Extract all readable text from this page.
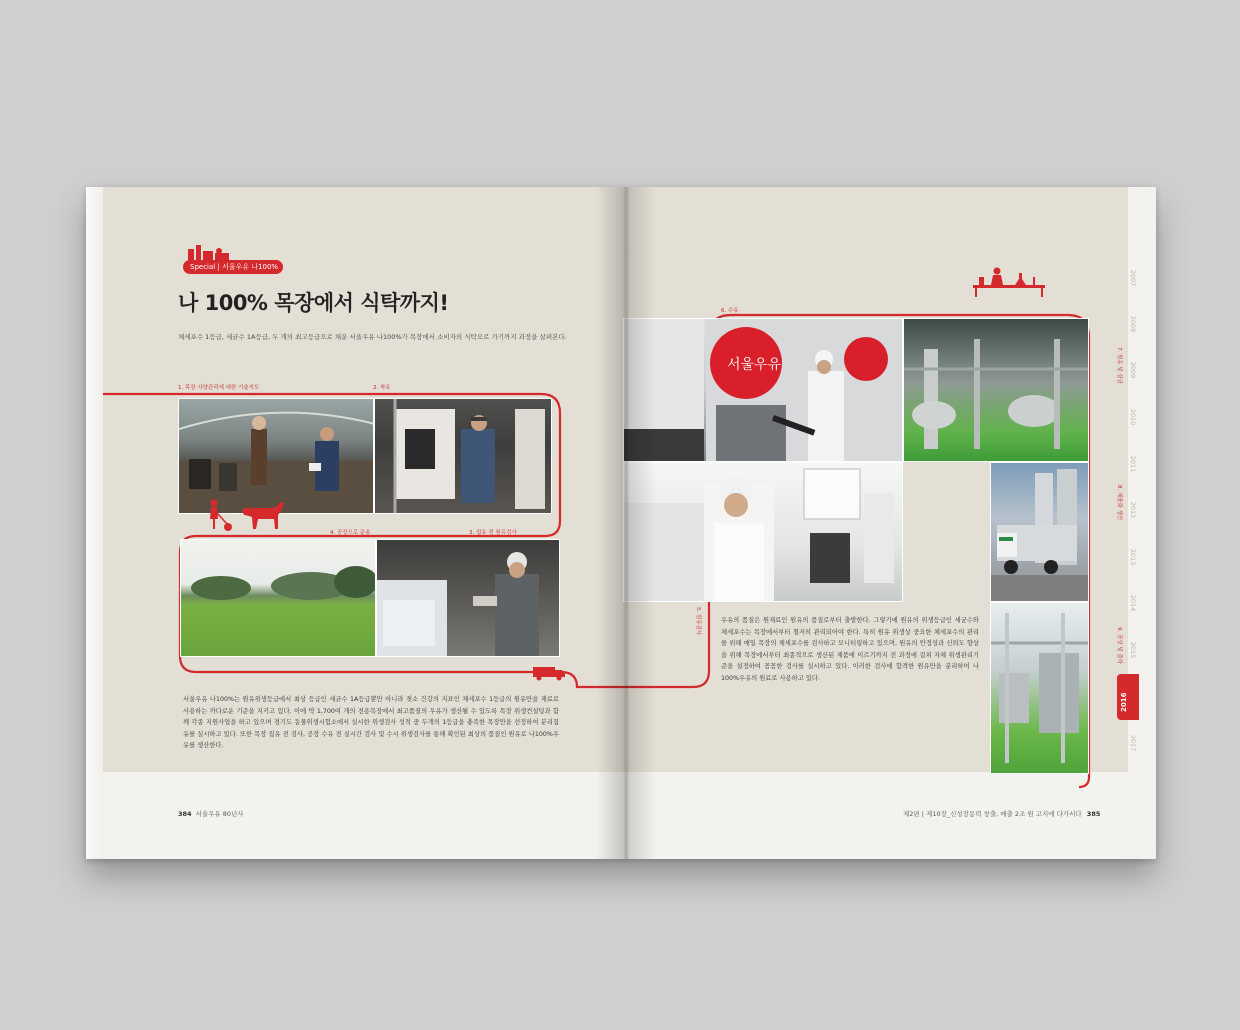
Special | 서울우유 나100%
나 100% 목장에서 식탁까지!
체세포수 1등급, 세균수 1A등급, 두 개의 최고등급으로 채운 서울우유 나100%가 목장에서 소비자의 식탁으로 가기까지 과정을 살펴본다.
1. 목장 사양관리에 대한 기술지도	2. 착유
3. 집유 전 원유검사
4. 공장으로 운송
서울우유 나100%는 원유위생등급에서 최상 등급인 세균수 1A등급뿐만 아니라 젖소 건강의 지표인 체세포수 1등급의 원유만을 재료로 사용하는 까다로운 기준을 지키고 있다. 이에 약 1,700여 개의 전용목장에서 최고품질의 우유가 생산될 수 있도록 목장 위생컨설팅과 함께 각종 지원사업을 하고 있으며 경기도 동물위생시험소에서 실시한 위생검사 성적 중 두개의 1등급을 충족한 목장만을 선정하여 분리집유를 실시하고 있다. 또한 목장 집유 전 검사, 공장 수유 전 실시간 검사 및 수시 위생검사를 통해 확인된 최상의 품질인 원유로 나100%우유를 생산한다.
384 서울우유 80년사
6. 수유
7. 원유 및 살균
8. 제품화 생산
9. 공장 및 출하
5. 원유검사
서울우유
우유의 품질은 원재료인 원유의 품질로부터 출발한다. 그렇기에 원유의 위생등급인 세균수와 체세포수는 목장에서부터 철저히 관리되어야 한다. 특히 원유 위생상 중요한 체세포수의 관리를 위해 매일 목장의 체세포수를 검사하고 모니터링하고 있으며, 원유의 안정성과 신뢰도 향상을 위해 목장에서부터 최종적으로 생산된 제품에 이르기까지 전 과정에 걸쳐 자체 위생관리기준을 설정하여 꼼꼼한 검사를 실시하고 있다. 이러한 검사에 합격한 원유만을 분리하여 나100%우유의 원료로 사용하고 있다.
2007
2008
2009
2010
2011
2012
2013
2014
2015
2017
2016
제2편 | 제10장_신성장동력 창출, 매출 2조 원 고지에 다가서다 385
